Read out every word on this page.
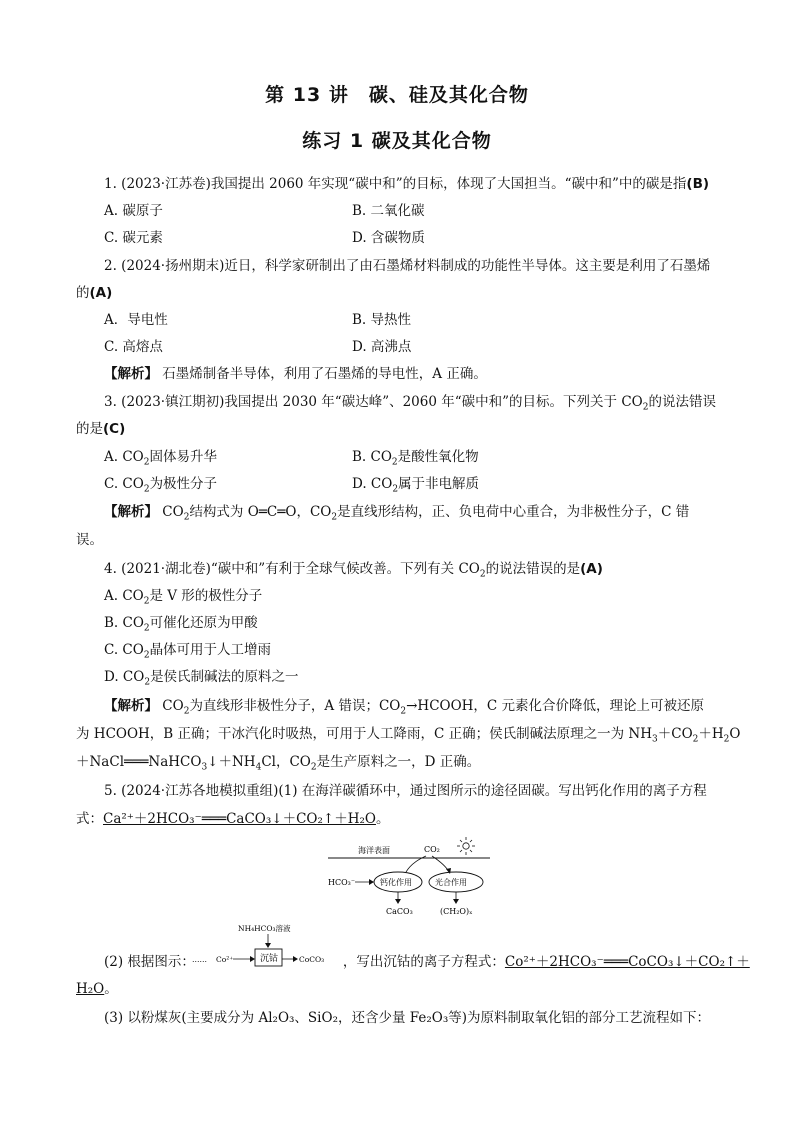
第 13 讲　碳、硅及其化合物
练习 1 碳及其化合物
1. (2023·江苏卷)我国提出 2060 年实现“碳中和”的目标，体现了大国担当。“碳中和”中的碳是指(B)
A. 碳原子	B. 二氧化碳
C. 碳元素	D. 含碳物质
2. (2024·扬州期末)近日，科学家研制出了由石墨烯材料制成的功能性半导体。这主要是利用了石墨烯
的(A)
A．导电性	B. 导热性
C. 高熔点	D. 高沸点
【解析】 石墨烯制备半导体，利用了石墨烯的导电性，A 正确。
3. (2023·镇江期初)我国提出 2030 年“碳达峰”、2060 年“碳中和”的目标。下列关于 $CO_2$的说法错误
的是(C)
A. $CO_2$固体易升华	B. $CO_2$是酸性氧化物
C. $CO_2$为极性分子	D. $CO_2$属于非电解质
【解析】 $CO_2$结构式为 O═C═O，$CO_2$是直线形结构，正、负电荷中心重合，为非极性分子，C 错
误。
4. (2021·湖北卷)“碳中和”有利于全球气候改善。下列有关 $CO_2$的说法错误的是(A)
A. $CO_2$是 V 形的极性分子
B. $CO_2$可催化还原为甲酸
C. $CO_2$晶体可用于人工增雨
D. $CO_2$是侯氏制碱法的原料之一
【解析】 $CO_2$为直线形非极性分子，A 错误；$CO_2\to HCOOH$，C 元素化合价降低，理论上可被还原
为 HCOOH，B 正确；干冰汽化时吸热，可用于人工降雨，C 正确；侯氏制碱法原理之一为 $NH_3+CO_2+H_2O$
$+NaCl═══NaHCO_3↓+NH_4Cl$，$CO_2$是生产原料之一，D 正确。
5. (2024·江苏各地模拟重组)(1) 在海洋碳循环中，通过图所示的途径固碳。写出钙化作用的离子方程
式：Ca²⁺＋2HCO₃⁻═══CaCO₃↓＋CO₂↑＋H₂O。
海洋表面	CO₂
HCO₃⁻	钙化作用	光合作用
CaCO₃	(CH₂O)ₓ
NH₄HCO₃溶液
…… Co²⁺	沉钴	CoCO₃
(2) 根据图示：	，写出沉钴的离子方程式：Co²⁺＋2HCO₃⁻═══CoCO₃↓＋CO₂↑＋
H₂O。
(3) 以粉煤灰(主要成分为 Al₂O₃、SiO₂，还含少量 Fe₂O₃等)为原料制取氧化铝的部分工艺流程如下：
